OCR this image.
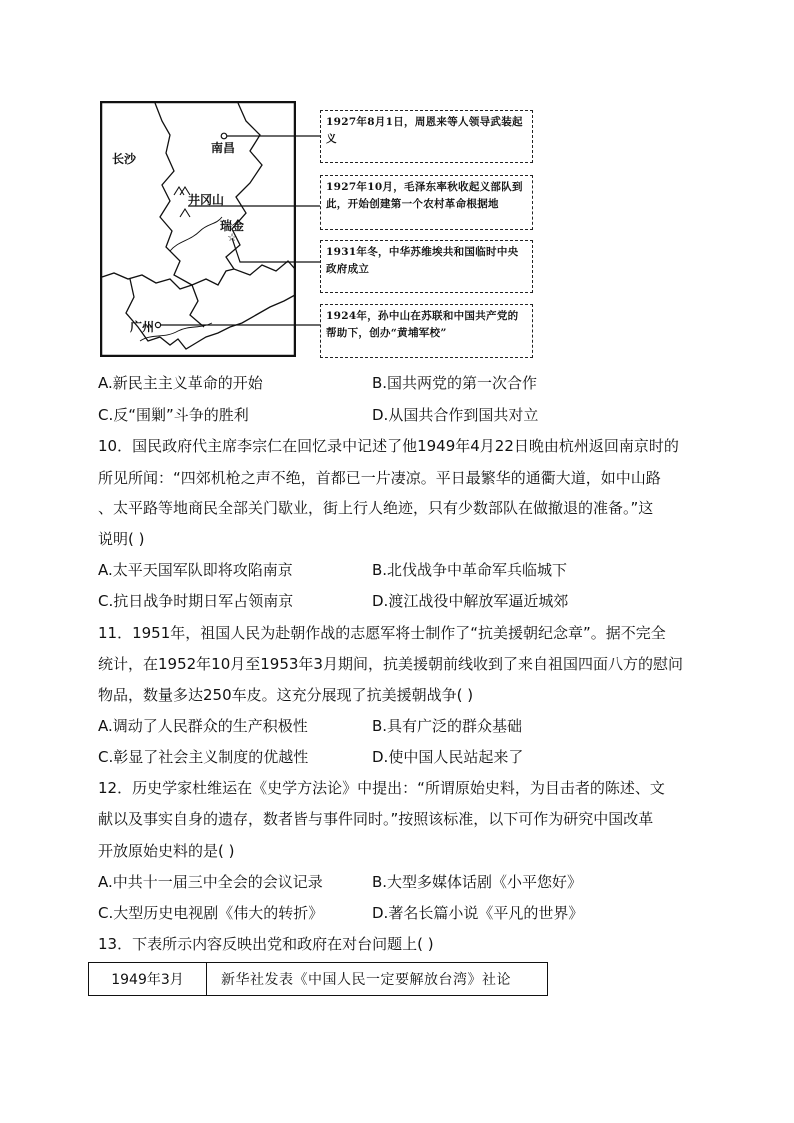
☆
长沙
南昌
井冈山
瑞金
广州
1927年8月1日，周恩来等人领导武装起义
1927年10月，毛泽东率秋收起义部队到此，开始创建第一个农村革命根据地
1931年冬，中华苏维埃共和国临时中央政府成立
1924年，孙中山在苏联和中国共产党的帮助下，创办“黄埔军校”
A.新民主主义革命的开始	B.国共两党的第一次合作
C.反“围剿”斗争的胜利	D.从国共合作到国共对立
10．国民政府代主席李宗仁在回忆录中记述了他1949年4月22日晚由杭州返回南京时的
所见所闻：“四郊机枪之声不绝，首都已一片凄凉。平日最繁华的通衢大道，如中山路
、太平路等地商民全部关门歇业，街上行人绝迹，只有少数部队在做撤退的准备。”这
说明( )
A.太平天国军队即将攻陷南京	B.北伐战争中革命军兵临城下
C.抗日战争时期日军占领南京	D.渡江战役中解放军逼近城郊
11．1951年，祖国人民为赴朝作战的志愿军将士制作了“抗美援朝纪念章”。据不完全
统计，在1952年10月至1953年3月期间，抗美援朝前线收到了来自祖国四面八方的慰问
物品，数量多达250车皮。这充分展现了抗美援朝战争( )
A.调动了人民群众的生产积极性	B.具有广泛的群众基础
C.彰显了社会主义制度的优越性	D.使中国人民站起来了
12．历史学家杜维运在《史学方法论》中提出：“所谓原始史料，为目击者的陈述、文
献以及事实自身的遗存，数者皆与事件同时。”按照该标准，以下可作为研究中国改革
开放原始史料的是( )
A.中共十一届三中全会的会议记录	B.大型多媒体话剧《小平您好》
C.大型历史电视剧《伟大的转折》	D.著名长篇小说《平凡的世界》
13．下表所示内容反映出党和政府在对台问题上( )
1949年3月	新华社发表《中国人民一定要解放台湾》社论
